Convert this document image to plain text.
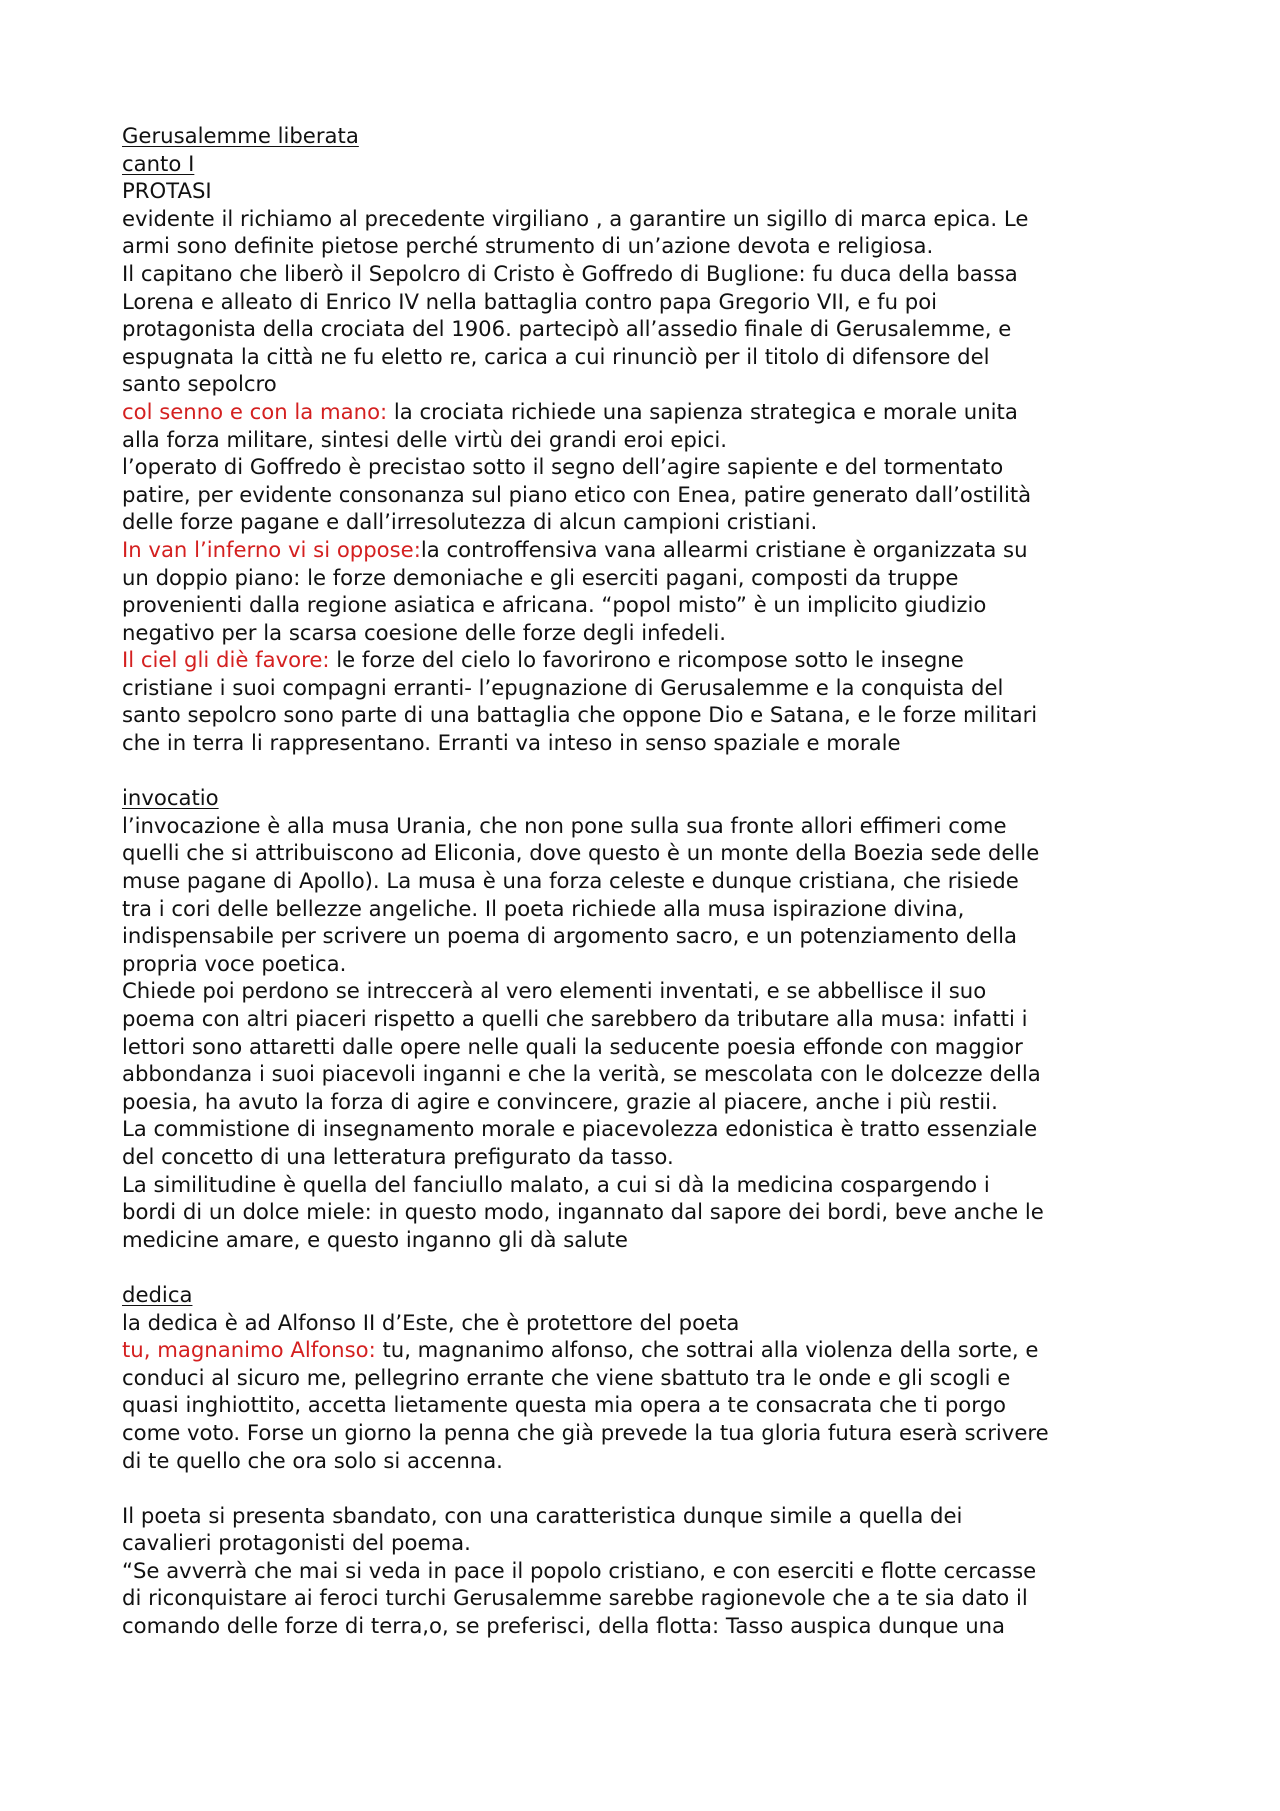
Gerusalemme liberata
canto I
PROTASI
evidente il richiamo al precedente virgiliano , a garantire un sigillo di marca epica. Le
armi sono definite pietose perché strumento di un’azione devota e religiosa.
Il capitano che liberò il Sepolcro di Cristo è Goffredo di Buglione: fu duca della bassa
Lorena e alleato di Enrico IV nella battaglia contro papa Gregorio VII, e fu poi
protagonista della crociata del 1906. partecipò all’assedio finale di Gerusalemme, e
espugnata la città ne fu eletto re, carica a cui rinunciò per il titolo di difensore del
santo sepolcro
col senno e con la mano: la crociata richiede una sapienza strategica e morale unita
alla forza militare, sintesi delle virtù dei grandi eroi epici.
l’operato di Goffredo è precistao sotto il segno dell’agire sapiente e del tormentato
patire, per evidente consonanza sul piano etico con Enea, patire generato dall’ostilità
delle forze pagane e dall’irresolutezza di alcun campioni cristiani.
In van l’inferno vi si oppose:la controffensiva vana allearmi cristiane è organizzata su
un doppio piano: le forze demoniache e gli eserciti pagani, composti da truppe
provenienti dalla regione asiatica e africana. “popol misto” è un implicito giudizio
negativo per la scarsa coesione delle forze degli infedeli.
Il ciel gli diè favore: le forze del cielo lo favorirono e ricompose sotto le insegne
cristiane i suoi compagni erranti- l’epugnazione di Gerusalemme e la conquista del
santo sepolcro sono parte di una battaglia che oppone Dio e Satana, e le forze militari
che in terra li rappresentano. Erranti va inteso in senso spaziale e morale
invocatio
l’invocazione è alla musa Urania, che non pone sulla sua fronte allori effimeri come
quelli che si attribuiscono ad Eliconia, dove questo è un monte della Boezia sede delle
muse pagane di Apollo). La musa è una forza celeste e dunque cristiana, che risiede
tra i cori delle bellezze angeliche. Il poeta richiede alla musa ispirazione divina,
indispensabile per scrivere un poema di argomento sacro, e un potenziamento della
propria voce poetica.
Chiede poi perdono se intreccerà al vero elementi inventati, e se abbellisce il suo
poema con altri piaceri rispetto a quelli che sarebbero da tributare alla musa: infatti i
lettori sono attaretti dalle opere nelle quali la seducente poesia effonde con maggior
abbondanza i suoi piacevoli inganni e che la verità, se mescolata con le dolcezze della
poesia, ha avuto la forza di agire e convincere, grazie al piacere, anche i più restii.
La commistione di insegnamento morale e piacevolezza edonistica è tratto essenziale
del concetto di una letteratura prefigurato da tasso.
La similitudine è quella del fanciullo malato, a cui si dà la medicina cospargendo i
bordi di un dolce miele: in questo modo, ingannato dal sapore dei bordi, beve anche le
medicine amare, e questo inganno gli dà salute
dedica
la dedica è ad Alfonso II d’Este, che è protettore del poeta
tu, magnanimo Alfonso: tu, magnanimo alfonso, che sottrai alla violenza della sorte, e
conduci al sicuro me, pellegrino errante che viene sbattuto tra le onde e gli scogli e
quasi inghiottito, accetta lietamente questa mia opera a te consacrata che ti porgo
come voto. Forse un giorno la penna che già prevede la tua gloria futura eserà scrivere
di te quello che ora solo si accenna.
Il poeta si presenta sbandato, con una caratteristica dunque simile a quella dei
cavalieri protagonisti del poema.
“Se avverrà che mai si veda in pace il popolo cristiano, e con eserciti e flotte cercasse
di riconquistare ai feroci turchi Gerusalemme sarebbe ragionevole che a te sia dato il
comando delle forze di terra,o, se preferisci, della flotta: Tasso auspica dunque una
